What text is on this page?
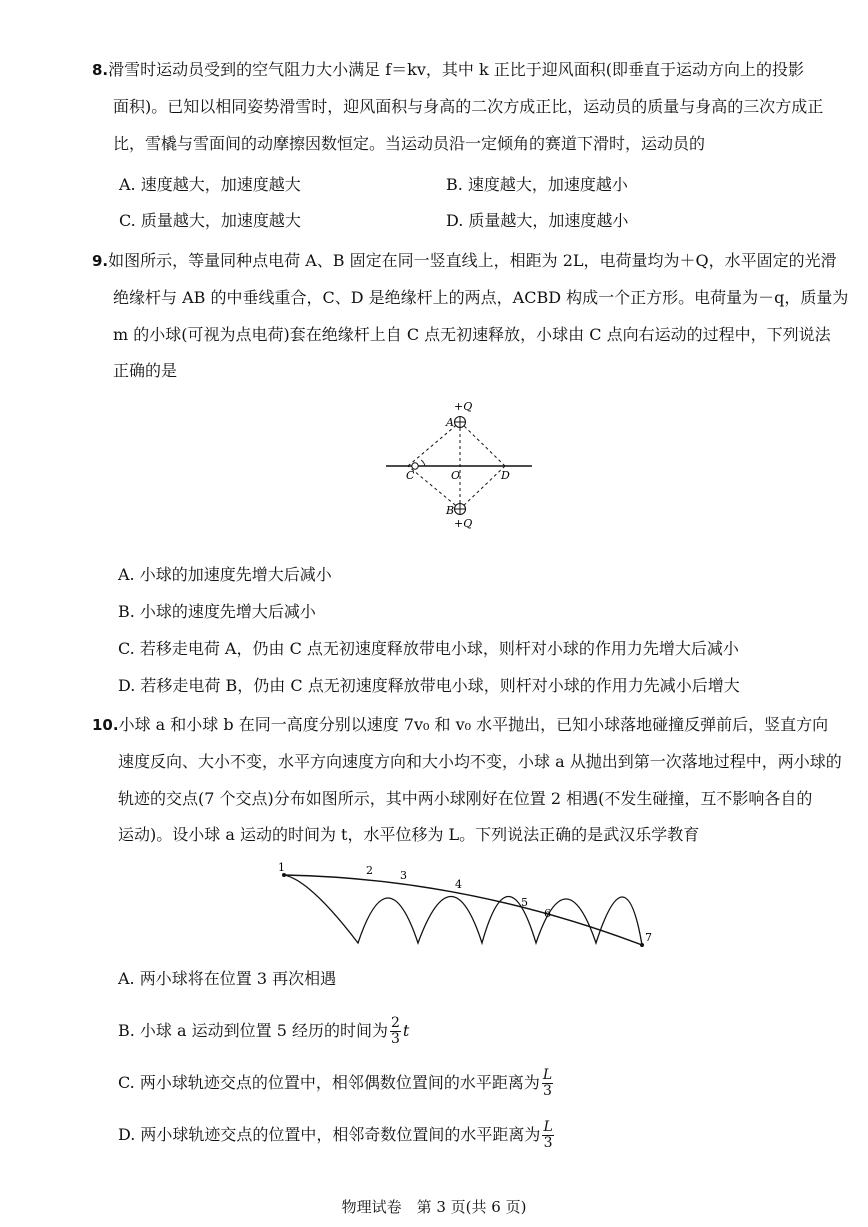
8.滑雪时运动员受到的空气阻力大小满足 f＝kv，其中 k 正比于迎风面积(即垂直于运动方向上的投影
面积)。已知以相同姿势滑雪时，迎风面积与身高的二次方成正比，运动员的质量与身高的三次方成正
比，雪橇与雪面间的动摩擦因数恒定。当运动员沿一定倾角的赛道下滑时，运动员的
A. 速度越大，加速度越大	B. 速度越大，加速度越小
C. 质量越大，加速度越大	D. 质量越大，加速度越小
9.如图所示，等量同种点电荷 A、B 固定在同一竖直线上，相距为 2L，电荷量均为＋Q，水平固定的光滑
绝缘杆与 AB 的中垂线重合，C、D 是绝缘杆上的两点，ACBD 构成一个正方形。电荷量为－q，质量为
m 的小球(可视为点电荷)套在绝缘杆上自 C 点无初速释放，小球由 C 点向右运动的过程中，下列说法
正确的是
+Q
A
C	O	D
B
+Q
A. 小球的加速度先增大后减小
B. 小球的速度先增大后减小
C. 若移走电荷 A，仍由 C 点无初速度释放带电小球，则杆对小球的作用力先增大后减小
D. 若移走电荷 B，仍由 C 点无初速度释放带电小球，则杆对小球的作用力先减小后增大
10.小球 a 和小球 b 在同一高度分别以速度 7v₀ 和 v₀ 水平抛出，已知小球落地碰撞反弹前后，竖直方向
速度反向、大小不变，水平方向速度方向和大小均不变，小球 a 从抛出到第一次落地过程中，两小球的
轨迹的交点(7 个交点)分布如图所示，其中两小球刚好在位置 2 相遇(不发生碰撞，互不影响各自的
运动)。设小球 a 运动的时间为 t，水平位移为 L。下列说法正确的是武汉乐学教育
1	2 3
4
5
6
7
A. 两小球将在位置 3 再次相遇
B. 小球 a 运动到位置 5 经历的时间为 $\frac{2}{3}$ t
C. 两小球轨迹交点的位置中，相邻偶数位置间的水平距离为 $\frac{L}{3}$
D. 两小球轨迹交点的位置中，相邻奇数位置间的水平距离为 $\frac{L}{3}$
物理试卷　第 3 页(共 6 页)
